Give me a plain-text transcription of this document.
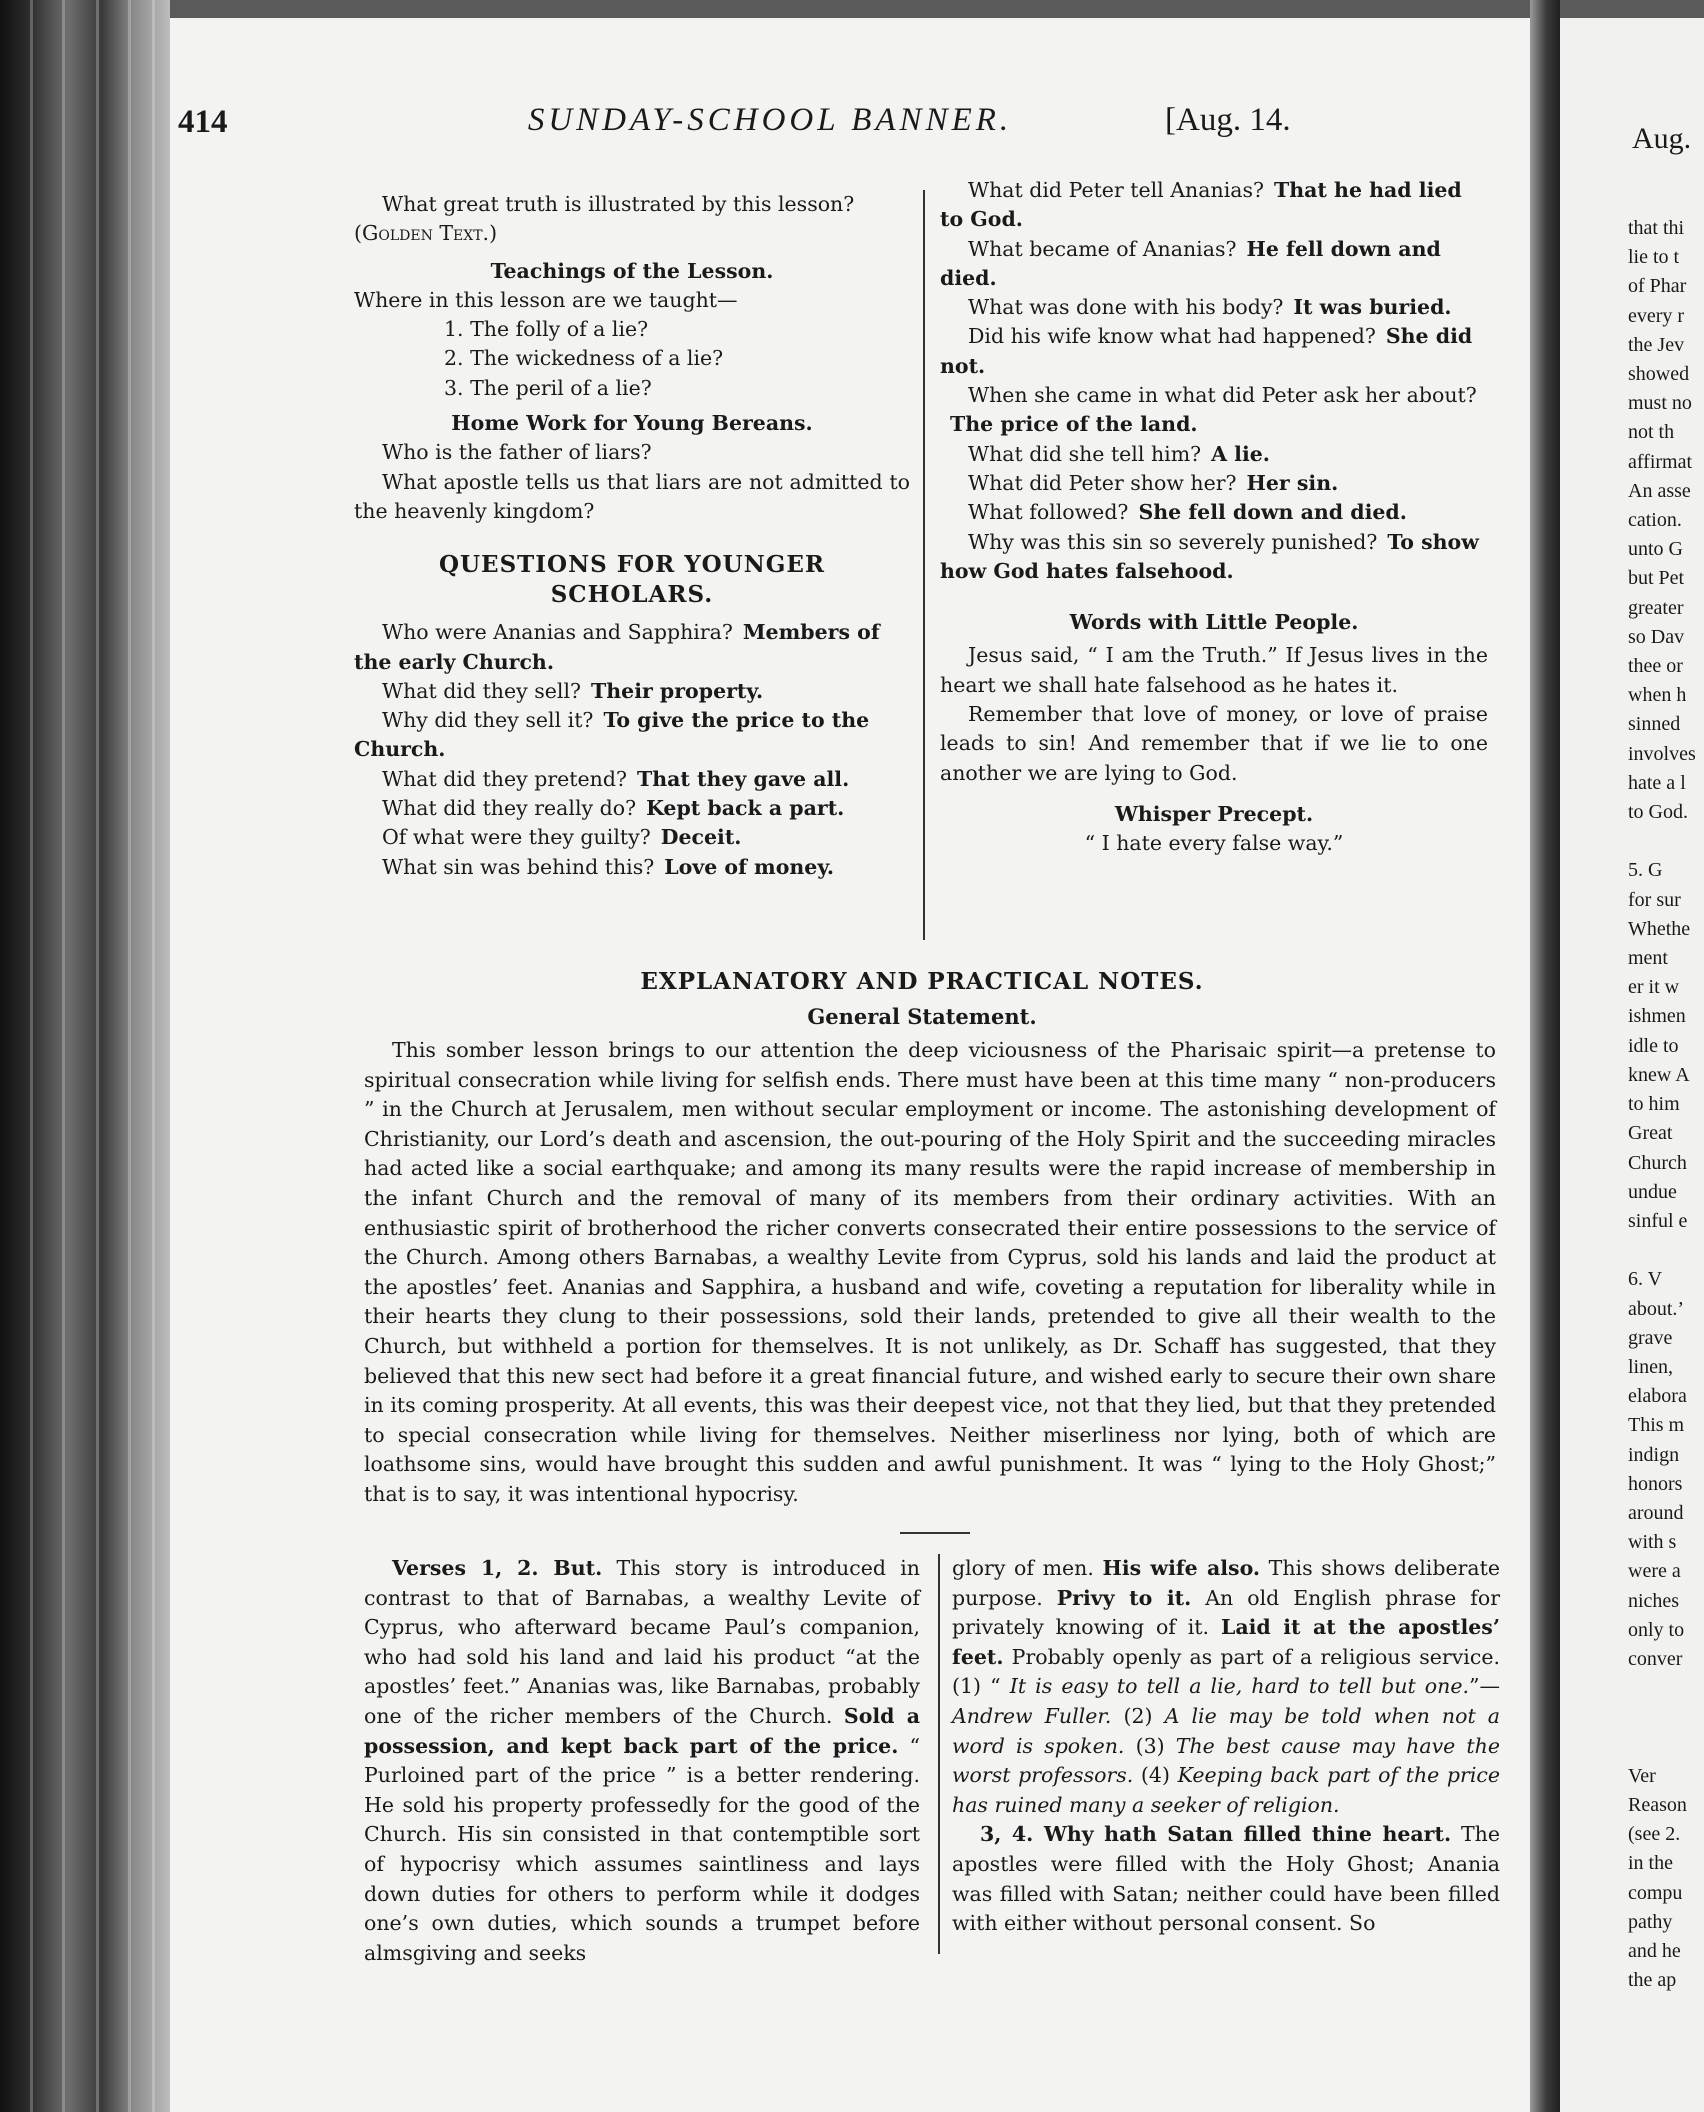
Aug.
that thi
lie to t
of Phar
every r
the Jev
showed
must no
not th
affirmat
An asse
cation.
unto G
but Pet
greater
so Dav
thee or
when h
sinned
involves
hate a l
to God.

5. G
for sur
Whethe
ment
er it w
ishmen
idle to
knew A
to him
Great
Church
undue
sinful e

6. V
about.’
grave
linen,
elabora
This m
indign
honors
around
with s
were a
niches
only to
conver

Ver
Reason
(see 2.
in the
compu
pathy
and he
the ap
414	SUNDAY-SCHOOL BANNER.	[Aug. 14.

What great truth is illustrated by this lesson?

(Golden Text.)

Teachings of the Lesson.

Where in this lesson are we taught—

1. The folly of a lie?

2. The wickedness of a lie?

3. The peril of a lie?

Home Work for Young Bereans.

Who is the father of liars?

What apostle tells us that liars are not admitted to the heavenly kingdom?

QUESTIONS FOR YOUNGER SCHOLARS.

Who were Ananias and Sapphira? Members of the early Church.

What did they sell? Their property.

Why did they sell it? To give the price to the Church.

What did they pretend? That they gave all.

What did they really do? Kept back a part.

Of what were they guilty? Deceit.

What sin was behind this? Love of money.

What did Peter tell Ananias? That he had lied to God.

What became of Ananias? He fell down and died.

What was done with his body? It was buried.

Did his wife know what had happened? She did not.

When she came in what did Peter ask her about?The price of the land.

What did she tell him? A lie.

What did Peter show her? Her sin.

What followed? She fell down and died.

Why was this sin so severely punished? To show how God hates falsehood.

Words with Little People.

Jesus said, “ I am the Truth.” If Jesus lives in the heart we shall hate falsehood as he hates it.

Remember that love of money, or love of praise leads to sin! And remember that if we lie to one another we are lying to God.

Whisper Precept.

“ I hate every false way.”

EXPLANATORY AND PRACTICAL NOTES.
General Statement.
This somber lesson brings to our attention the deep viciousness of the Pharisaic spirit—a pretense to spiritual consecration while living for selfish ends. There must have been at this time many “ non-producers ” in the Church at Jerusalem, men without secular employment or income. The astonishing development of Christianity, our Lord’s death and ascension, the out-pouring of the Holy Spirit and the succeeding miracles had acted like a social earthquake; and among its many results were the rapid increase of membership in the infant Church and the removal of many of its members from their ordinary activities. With an enthusiastic spirit of brotherhood the richer converts consecrated their entire possessions to the service of the Church. Among others Barnabas, a wealthy Levite from Cyprus, sold his lands and laid the product at the apostles’ feet. Ananias and Sapphira, a husband and wife, coveting a reputation for liberality while in their hearts they clung to their possessions, sold their lands, pretended to give all their wealth to the Church, but withheld a portion for themselves. It is not unlikely, as Dr. Schaff has suggested, that they believed that this new sect had before it a great financial future, and wished early to secure their own share in its coming prosperity. At all events, this was their deepest vice, not that they lied, but that they pretended to special consecration while living for themselves. Neither miserliness nor lying, both of which are loathsome sins, would have brought this sudden and awful punishment. It was “ lying to the Holy Ghost;” that is to say, it was intentional hypocrisy.
Verses 1, 2. But. This story is introduced in contrast to that of Barnabas, a wealthy Levite of Cyprus, who afterward became Paul’s companion, who had sold his land and laid his product “at the apostles’ feet.” Ananias was, like Barnabas, probably one of the richer members of the Church. Sold a possession, and kept back part of the price. “ Purloined part of the price ” is a better rendering. He sold his property professedly for the good of the Church. His sin consisted in that contemptible sort of hypocrisy which assumes saintliness and lays down duties for others to perform while it dodges one’s own duties, which sounds a trumpet before almsgiving and seeks
glory of men. His wife also. This shows deliberate purpose. Privy to it. An old English phrase for privately knowing of it. Laid it at the apostles’ feet. Probably openly as part of a religious service. (1) “ It is easy to tell a lie, hard to tell but one.”—Andrew Fuller. (2) A lie may be told when not a word is spoken. (3) The best cause may have the worst professors. (4) Keeping back part of the price has ruined many a seeker of religion.
3, 4. Why hath Satan filled thine heart. The apostles were filled with the Holy Ghost; Anania was filled with Satan; neither could have been filled with either without personal consent. So
